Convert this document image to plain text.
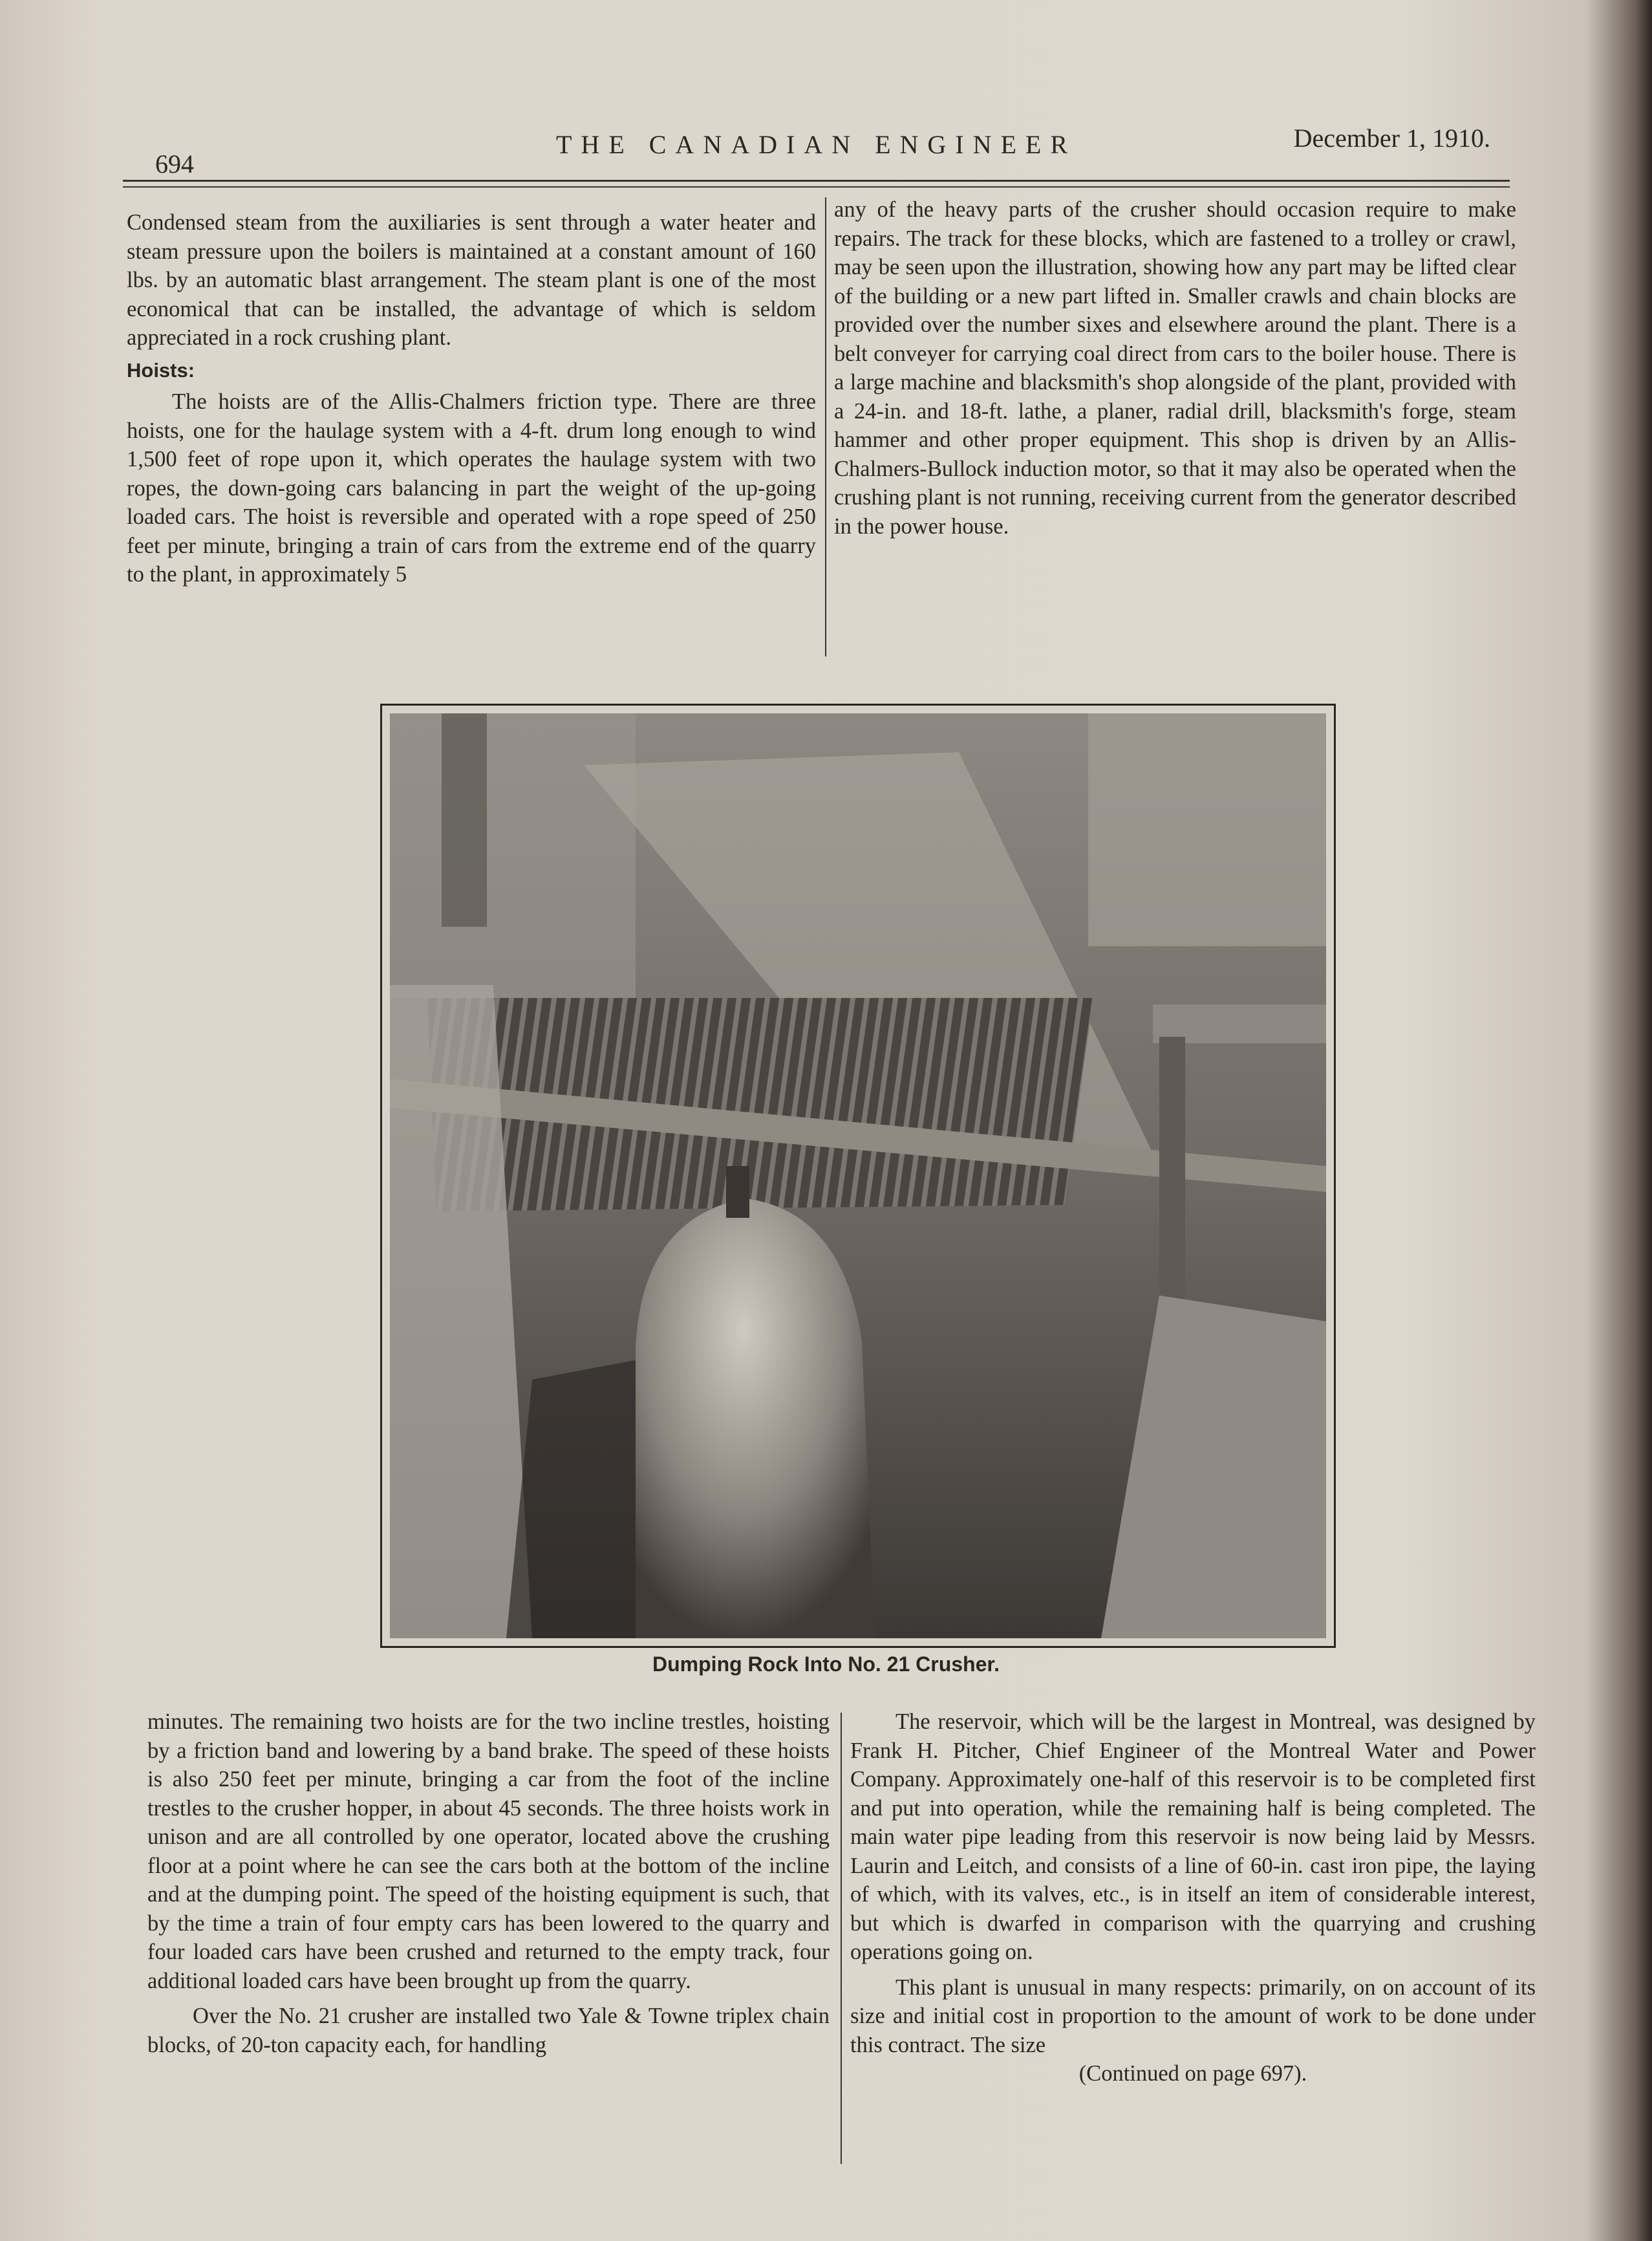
694
THE CANADIAN ENGINEER	December 1, 1910.

Condensed steam from the auxiliaries is sent through a water heater and steam pressure upon the boilers is maintained at a constant amount of 160 lbs. by an automatic blast arrangement. The steam plant is one of the most economical that can be installed, the advantage of which is seldom appreciated in a rock crushing plant.

Hoists:

The hoists are of the Allis-Chalmers friction type. There are three hoists, one for the haulage system with a 4-ft. drum long enough to wind 1,500 feet of rope upon it, which operates the haulage system with two ropes, the down-going cars balancing in part the weight of the up-going loaded cars. The hoist is reversible and operated with a rope speed of 250 feet per minute, bringing a train of cars from the extreme end of the quarry to the plant, in approximately 5

any of the heavy parts of the crusher should occasion require to make repairs. The track for these blocks, which are fastened to a trolley or crawl, may be seen upon the illustration, showing how any part may be lifted clear of the building or a new part lifted in. Smaller crawls and chain blocks are provided over the number sixes and elsewhere around the plant. There is a belt conveyer for carrying coal direct from cars to the boiler house. There is a large machine and blacksmith's shop alongside of the plant, provided with a 24-in. and 18-ft. lathe, a planer, radial drill, blacksmith's forge, steam hammer and other proper equipment. This shop is driven by an Allis-Chalmers-Bullock induction motor, so that it may also be operated when the crushing plant is not running, receiving current from the generator described in the power house.

Dumping Rock Into No. 21 Crusher.

minutes. The remaining two hoists are for the two incline trestles, hoisting by a friction band and lowering by a band brake. The speed of these hoists is also 250 feet per minute, bringing a car from the foot of the incline trestles to the crusher hopper, in about 45 seconds. The three hoists work in unison and are all controlled by one operator, located above the crushing floor at a point where he can see the cars both at the bottom of the incline and at the dumping point. The speed of the hoisting equipment is such, that by the time a train of four empty cars has been lowered to the quarry and four loaded cars have been crushed and returned to the empty track, four additional loaded cars have been brought up from the quarry.

Over the No. 21 crusher are installed two Yale & Towne triplex chain blocks, of 20-ton capacity each, for handling

The reservoir, which will be the largest in Montreal, was designed by Frank H. Pitcher, Chief Engineer of the Montreal Water and Power Company. Approximately one-half of this reservoir is to be completed first and put into operation, while the remaining half is being completed. The main water pipe leading from this reservoir is now being laid by Messrs. Laurin and Leitch, and consists of a line of 60-in. cast iron pipe, the laying of which, with its valves, etc., is in itself an item of considerable interest, but which is dwarfed in comparison with the quarrying and crushing operations going on.

This plant is unusual in many respects: primarily, on on account of its size and initial cost in proportion to the amount of work to be done under this contract. The size

(Continued on page 697).
